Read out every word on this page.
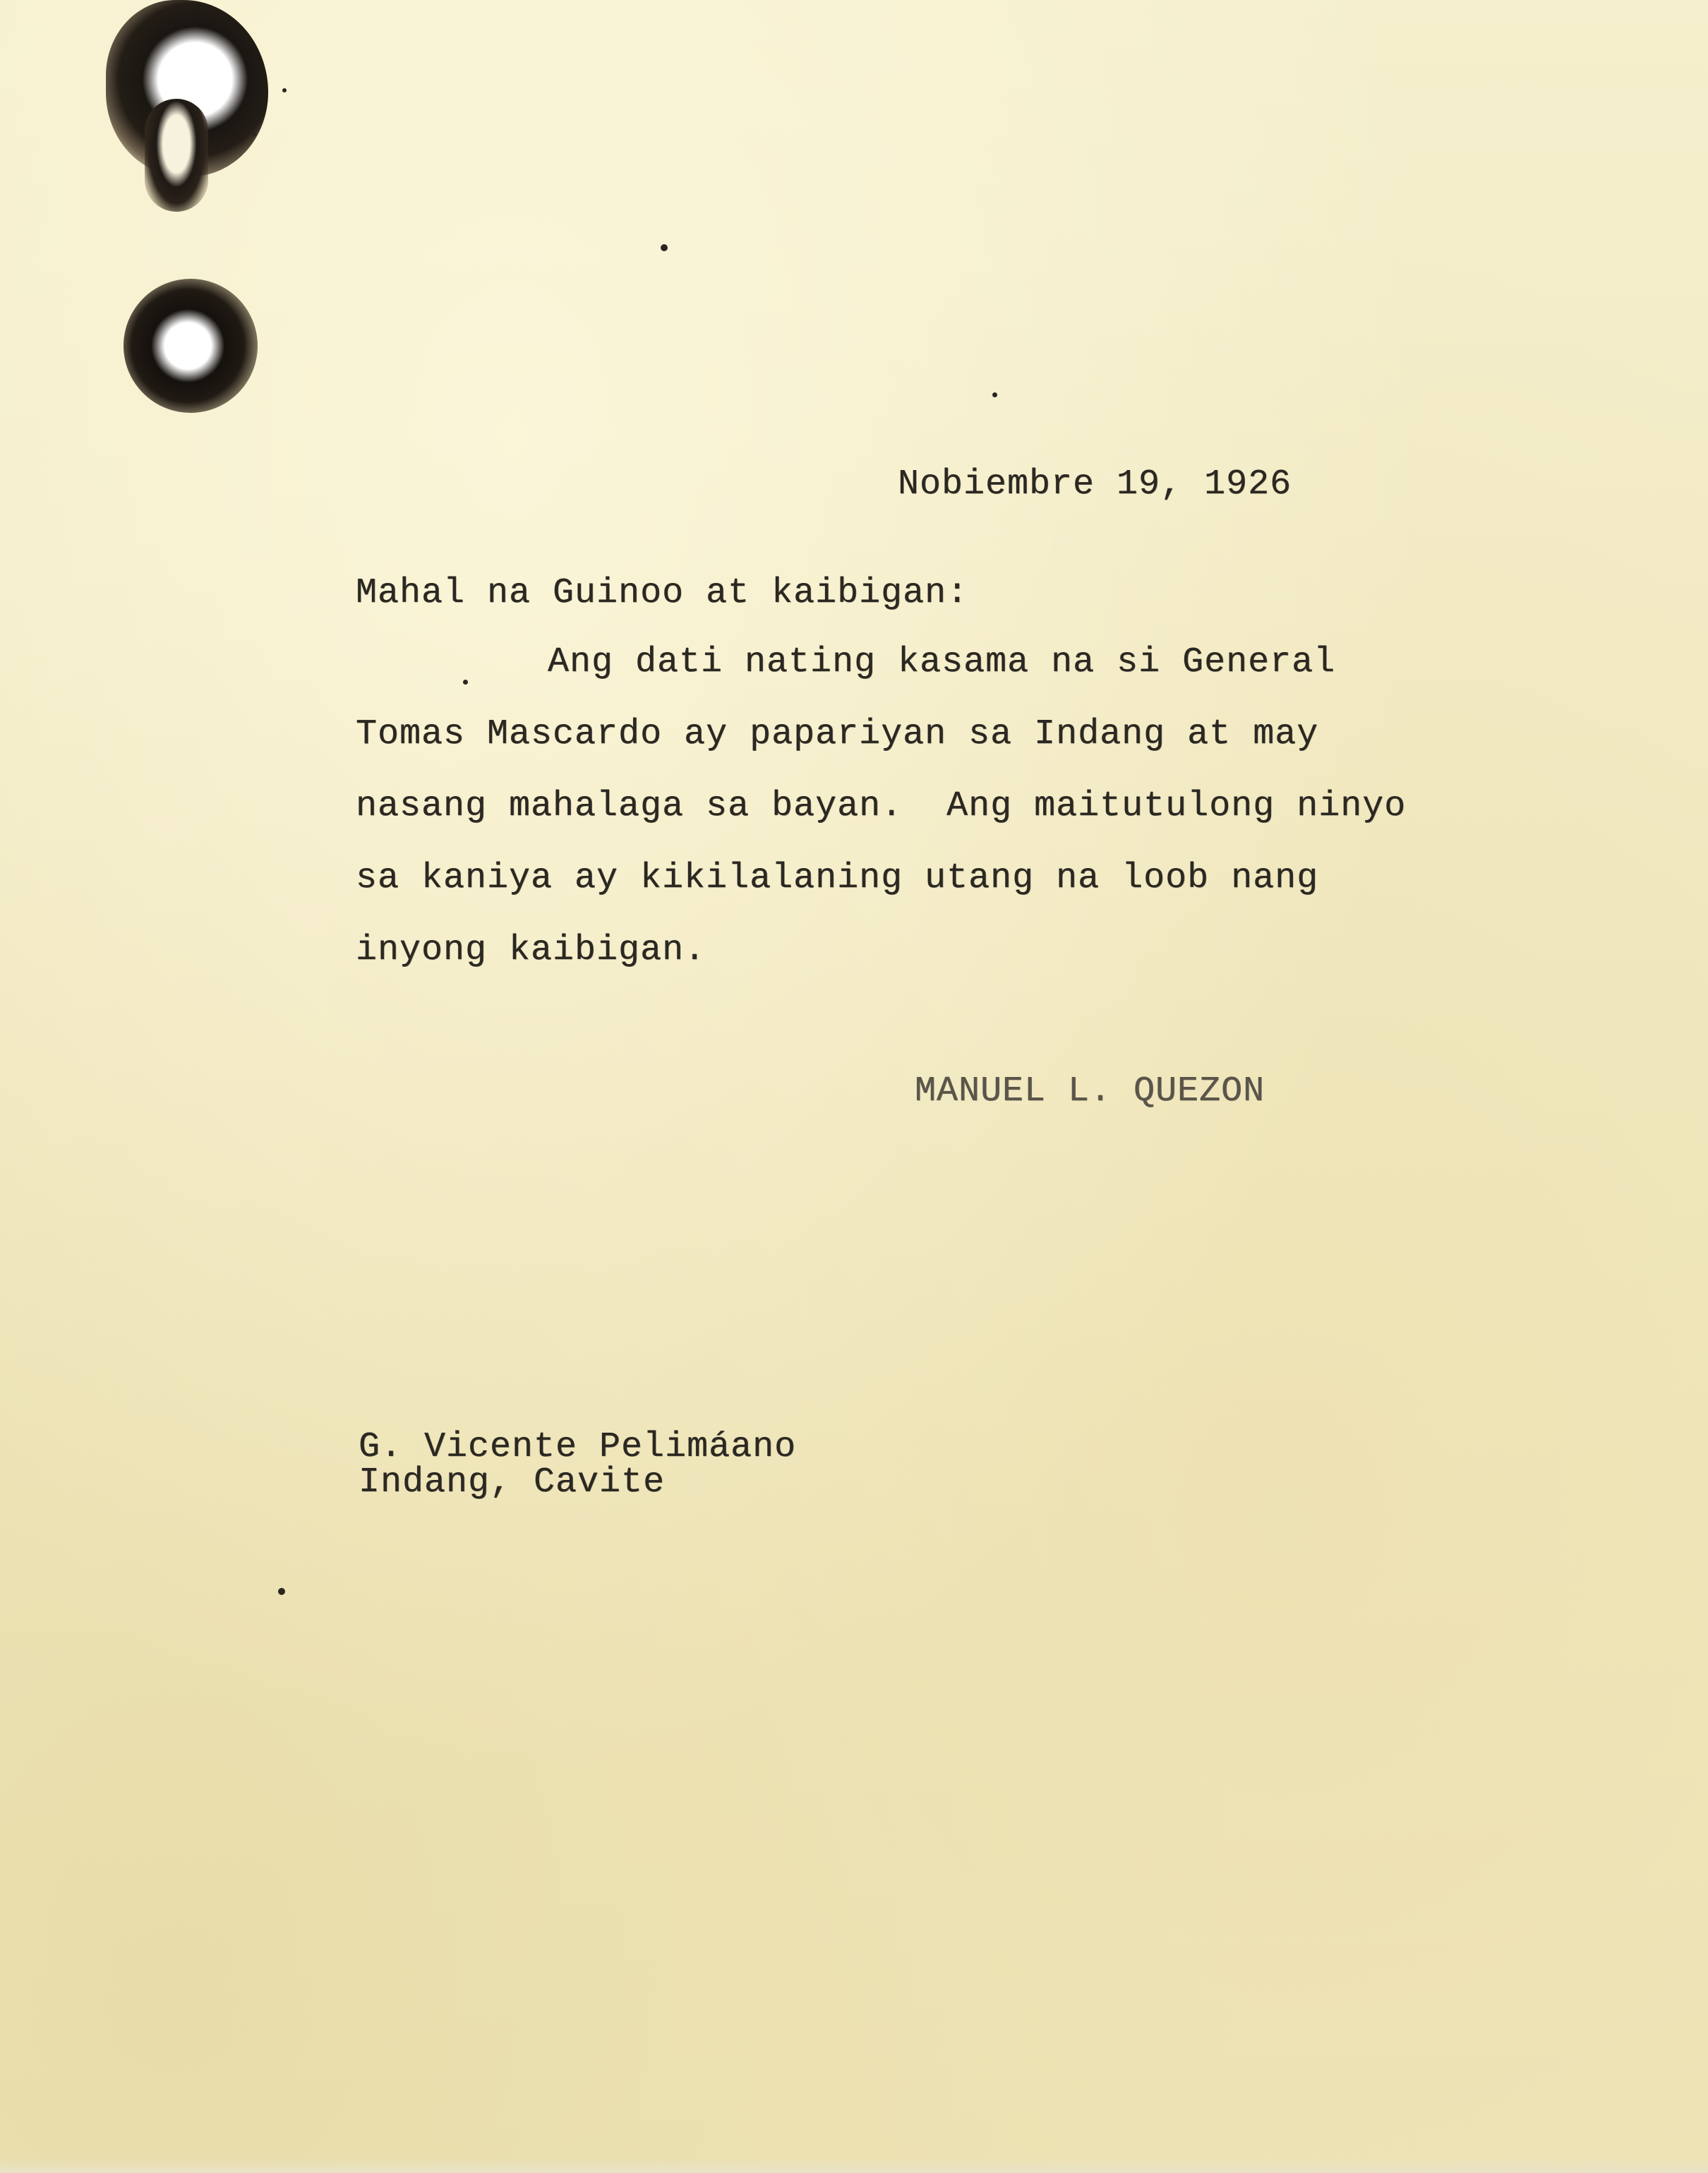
Nobiembre 19, 1926
Mahal na Guinoo at kaibigan:
Ang dati nating kasama na si General
Tomas Mascardo ay papariyan sa Indang at may
nasang mahalaga sa bayan.  Ang maitutulong ninyo
sa kaniya ay kikilalaning utang na loob nang
inyong kaibigan.
MANUEL L. QUEZON
G. Vicente Pelimáano
Indang, Cavite
